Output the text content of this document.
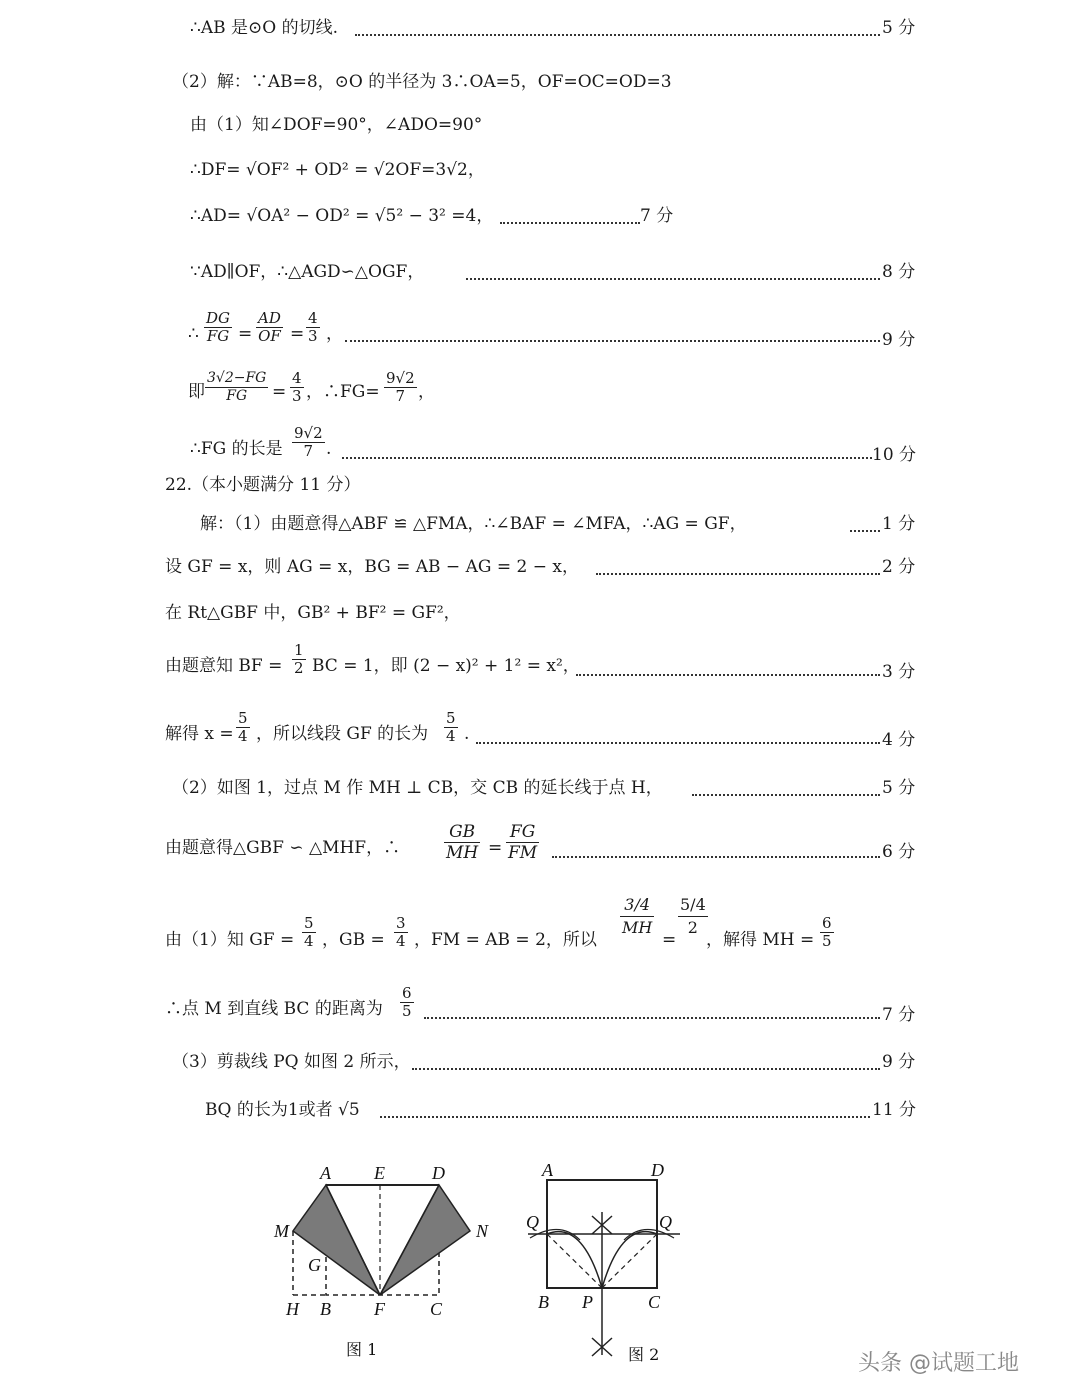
∴AB 是⊙O 的切线.	5 分
（2）解：∵AB=8，⊙O 的半径为 3∴OA=5，OF=OC=OD=3
由（1）知∠DOF=90°，∠ADO=90°
∴DF= √OF² + OD² = √2OF=3√2，
∴AD= √OA² − OD² = √5² − 3² =4，	7 分
∵AD∥OF，∴△AGD∽△OGF，	8 分
∴ $\frac{DG}{FG} = \frac{AD}{OF} = \frac{4}{3}$ ，	9 分
即 $\frac{3√2-FG}{FG} = \frac{4}{3}$ ，∴FG= $\frac{9√2}{7}$ ，
∴FG 的长是 $\frac{9√2}{7}$ .	10 分
22.（本小题满分 11 分）
解：（1）由题意得△ABF ≌ △FMA，∴∠BAF = ∠MFA，∴AG = GF，	1 分
设 GF = x，则 AG = x，BG = AB − AG = 2 − x，	2 分
在 Rt△GBF 中，GB² + BF² = GF²，
由题意知 BF = $\frac{1}{2}$ BC = 1，即 (2 − x)² + 1² = x²，	3 分
解得 $x = \frac{5}{4}$ ，所以线段 GF 的长为 $\frac{5}{4}$ .	4 分
（2）如图 1，过点 M 作 MH ⊥ CB，交 CB 的延长线于点 H，	5 分
由题意得△GBF ∽ △MHF，∴	$\frac{GB}{MH} = \frac{FG}{FM}$	6 分
由（1）知 GF = $\frac{5}{4}$ ，GB = $\frac{3}{4}$ ，FM = AB = 2，所以
$\frac{3/4}{MH}$
=
$\frac{5/4}{2}$
，解得 MH = $\frac{6}{5}$
∴点 M 到直线 BC 的距离为 $\frac{6}{5}$	7 分
（3）剪裁线 PQ 如图 2 所示，	9 分
BQ 的长为1或者 √5	11 分
A E	D
M	N
G
H B F	C
图 1
A	D
Q	Q
B P	C
图 2	头条 @试题工地
